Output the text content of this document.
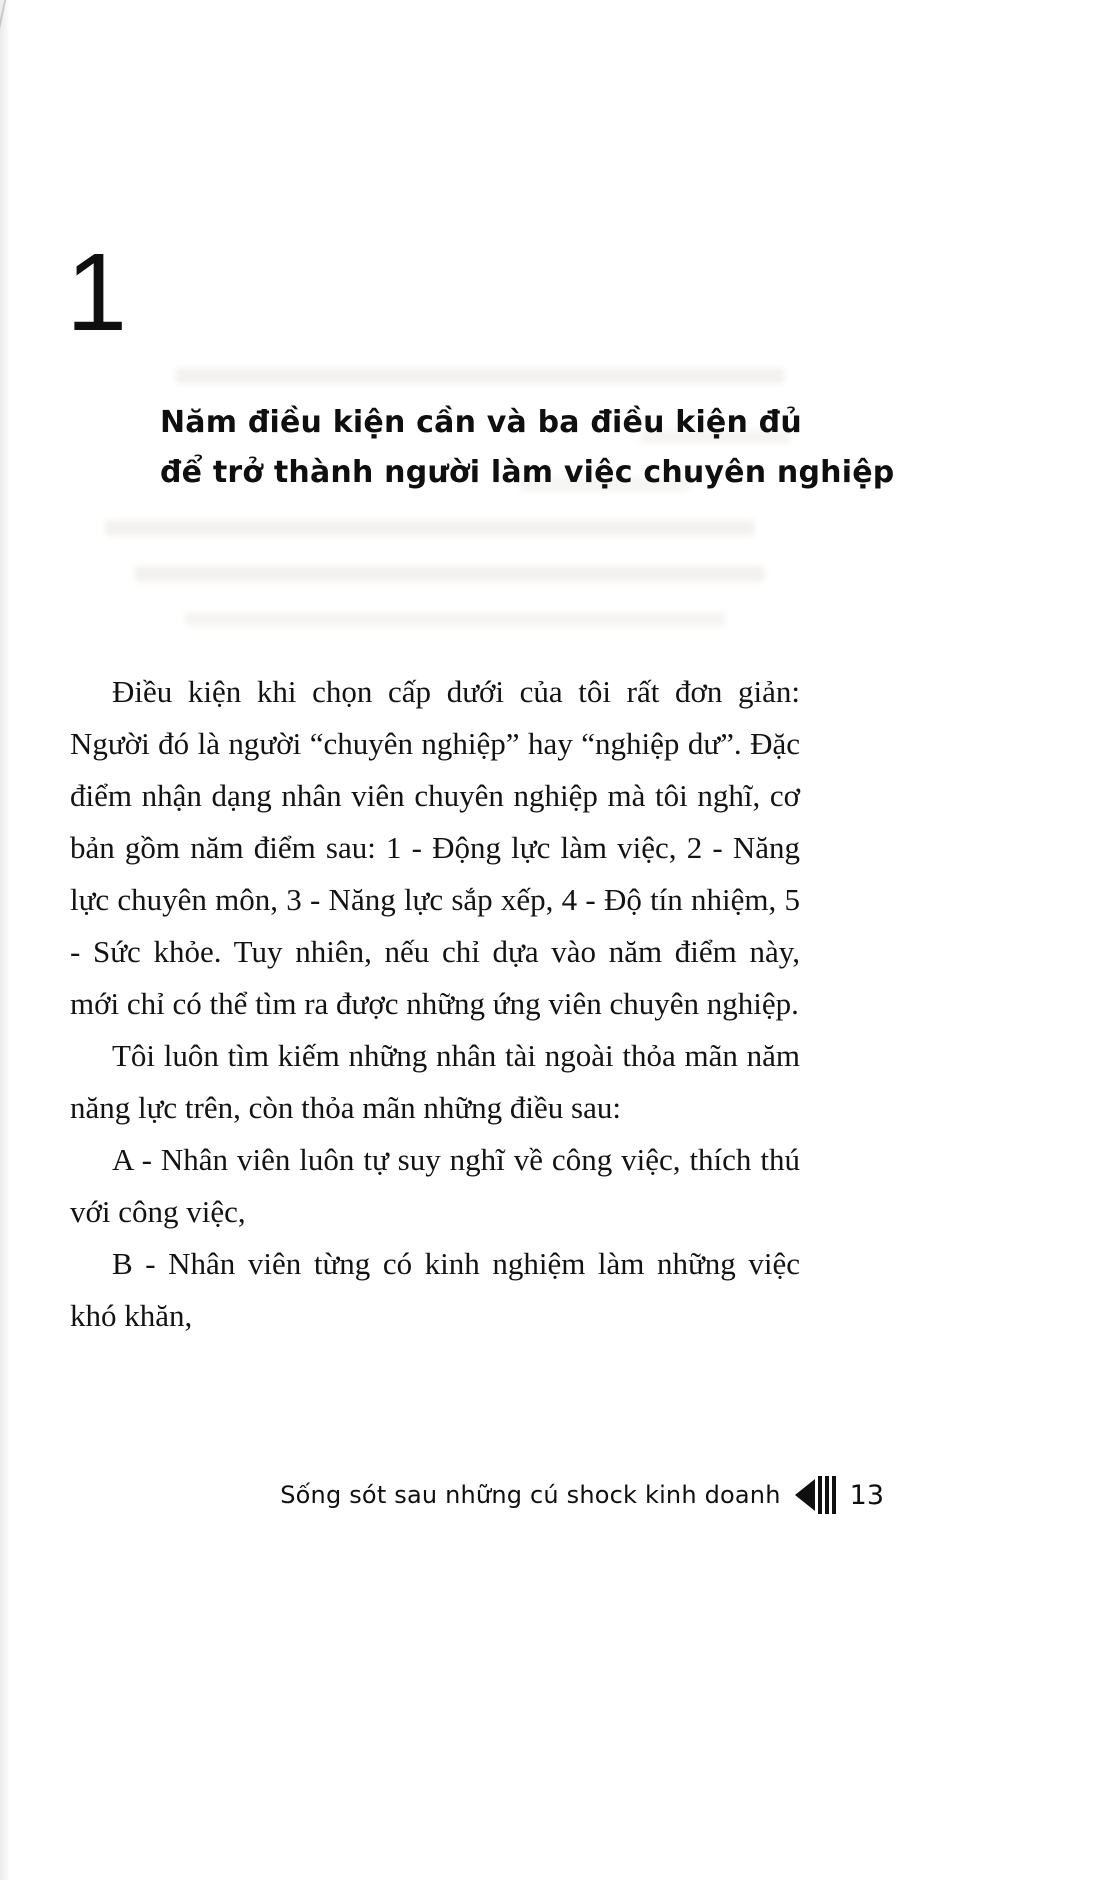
1
Năm điều kiện cần và ba điều kiện đủ
để trở thành người làm việc chuyên nghiệp

Điều kiện khi chọn cấp dưới của tôi rất đơn giản: Người đó là người “chuyên nghiệp” hay “nghiệp dư”. Đặc điểm nhận dạng nhân viên chuyên nghiệp mà tôi nghĩ, cơ bản gồm năm điểm sau: 1 - Động lực làm việc, 2 - Năng lực chuyên môn, 3 - Năng lực sắp xếp, 4 - Độ tín nhiệm, 5 - Sức khỏe. Tuy nhiên, nếu chỉ dựa vào năm điểm này, mới chỉ có thể tìm ra được những ứng viên chuyên nghiệp.

Tôi luôn tìm kiếm những nhân tài ngoài thỏa mãn năm năng lực trên, còn thỏa mãn những điều sau:

A - Nhân viên luôn tự suy nghĩ về công việc, thích thú với công việc,

B - Nhân viên từng có kinh nghiệm làm những việc khó khăn,

Sống sót sau những cú shock kinh doanh	13
